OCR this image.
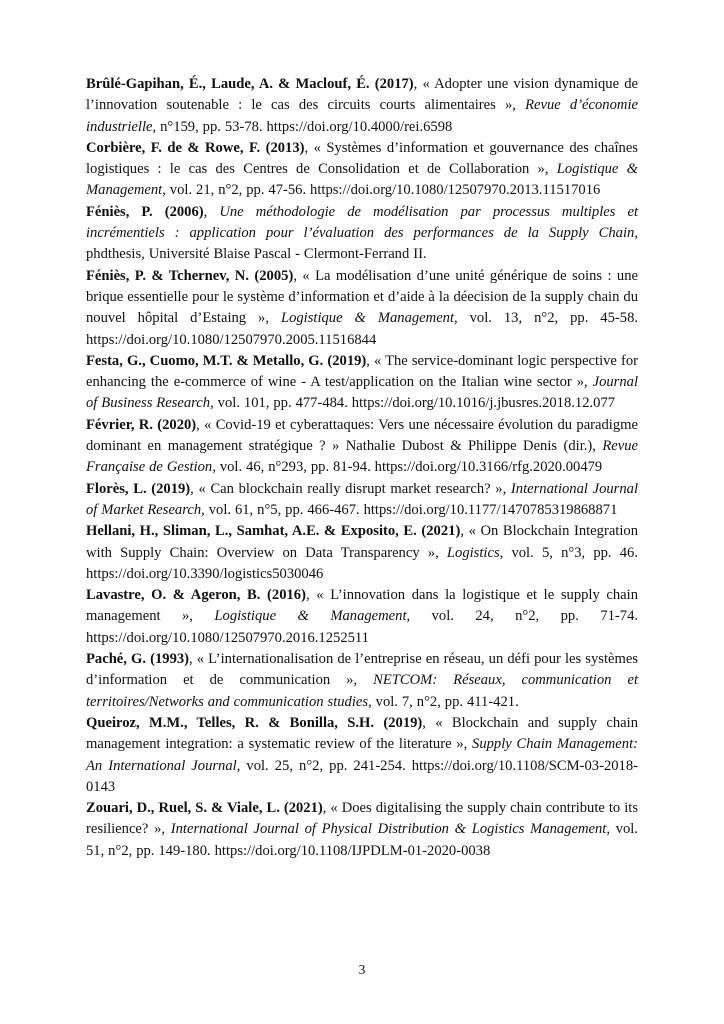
Brûlé-Gapihan, É., Laude, A. & Maclouf, É. (2017), « Adopter une vision dynamique de l’innovation soutenable : le cas des circuits courts alimentaires », Revue d’économie industrielle, n°159, pp. 53-78. https://doi.org/10.4000/rei.6598

Corbière, F. de & Rowe, F. (2013), « Systèmes d’information et gouvernance des chaînes logistiques : le cas des Centres de Consolidation et de Collaboration », Logistique & Management, vol. 21, n°2, pp. 47-56. https://doi.org/10.1080/12507970.2013.11517016

Féniès, P. (2006), Une méthodologie de modélisation par processus multiples et incrémentiels : application pour l’évaluation des performances de la Supply Chain, phdthesis, Université Blaise Pascal - Clermont-Ferrand II.

Féniès, P. & Tchernev, N. (2005), « La modélisation d’une unité générique de soins : une brique essentielle pour le système d’information et d’aide à la déecision de la supply chain du nouvel hôpital d’Estaing », Logistique & Management, vol. 13, n°2, pp. 45-58. https://doi.org/10.1080/12507970.2005.11516844

Festa, G., Cuomo, M.T. & Metallo, G. (2019), « The service-dominant logic perspective for enhancing the e-commerce of wine - A test/application on the Italian wine sector », Journal of Business Research, vol. 101, pp. 477-484. https://doi.org/10.1016/j.jbusres.2018.12.077

Février, R. (2020), « Covid-19 et cyberattaques: Vers une nécessaire évolution du paradigme dominant en management stratégique ? » Nathalie Dubost & Philippe Denis (dir.), Revue Française de Gestion, vol. 46, n°293, pp. 81-94. https://doi.org/10.3166/rfg.2020.00479

Florès, L. (2019), « Can blockchain really disrupt market research? », International Journal of Market Research, vol. 61, n°5, pp. 466-467. https://doi.org/10.1177/1470785319868871

Hellani, H., Sliman, L., Samhat, A.E. & Exposito, E. (2021), « On Blockchain Integration with Supply Chain: Overview on Data Transparency », Logistics, vol. 5, n°3, pp. 46. https://doi.org/10.3390/logistics5030046

Lavastre, O. & Ageron, B. (2016), « L’innovation dans la logistique et le supply chain management », Logistique & Management, vol. 24, n°2, pp. 71-74. https://doi.org/10.1080/12507970.2016.1252511

Paché, G. (1993), « L’internationalisation de l’entreprise en réseau, un défi pour les systèmes d’information et de communication », NETCOM: Réseaux, communication et territoires/Networks and communication studies, vol. 7, n°2, pp. 411-421.

Queiroz, M.M., Telles, R. & Bonilla, S.H. (2019), « Blockchain and supply chain management integration: a systematic review of the literature », Supply Chain Management: An International Journal, vol. 25, n°2, pp. 241-254. https://doi.org/10.1108/SCM-03-2018-0143

Zouari, D., Ruel, S. & Viale, L. (2021), « Does digitalising the supply chain contribute to its resilience? », International Journal of Physical Distribution & Logistics Management, vol. 51, n°2, pp. 149-180. https://doi.org/10.1108/IJPDLM-01-2020-0038

3
